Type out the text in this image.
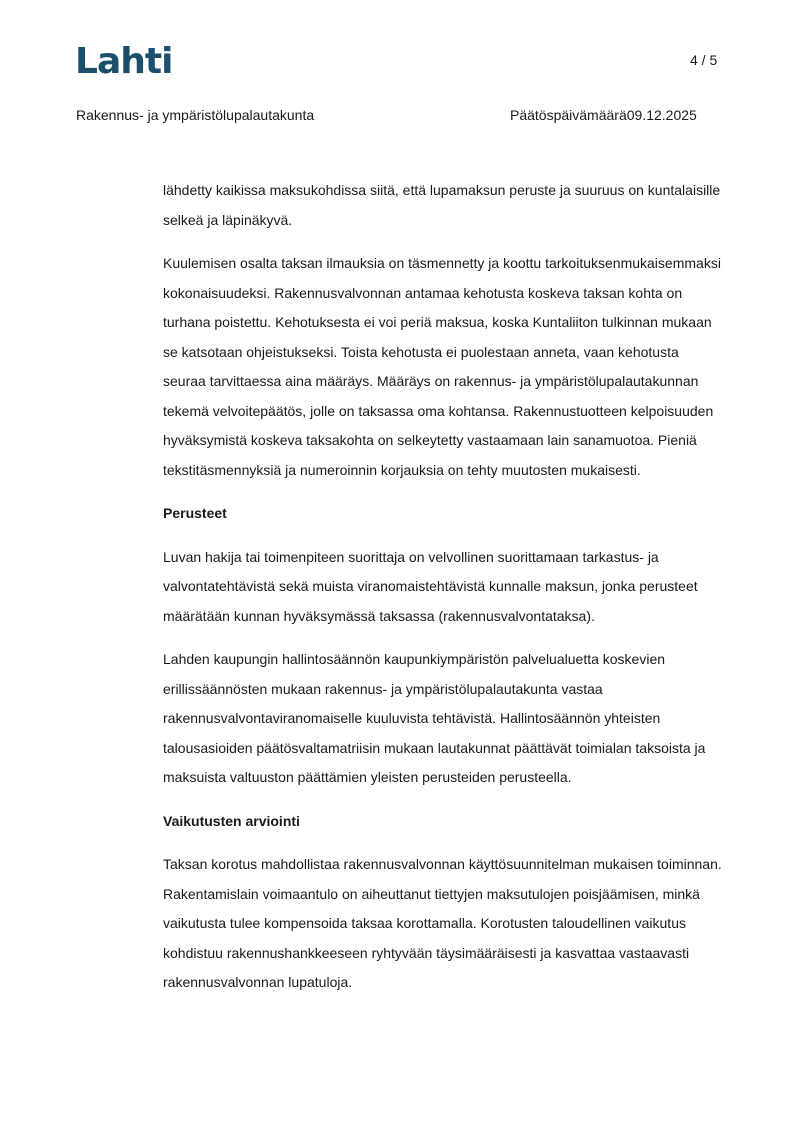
Lahti	4 / 5
Rakennus- ja ympäristölupalautakunta	Päätöspäivämäärä09.12.2025

lähdetty kaikissa maksukohdissa siitä, että lupamaksun peruste ja suuruus on kuntalaisille selkeä ja läpinäkyvä.

Kuulemisen osalta taksan ilmauksia on täsmennetty ja koottu tarkoituksenmukaisemmaksi kokonaisuudeksi. Rakennusvalvonnan antamaa kehotusta koskeva taksan kohta on turhana poistettu. Kehotuksesta ei voi periä maksua, koska Kuntaliiton tulkinnan mukaan se katsotaan ohjeistukseksi. Toista kehotusta ei puolestaan anneta, vaan kehotusta seuraa tarvittaessa aina määräys. Määräys on rakennus- ja ympäristölupalautakunnan tekemä velvoitepäätös, jolle on taksassa oma kohtansa. Rakennustuotteen kelpoisuuden hyväksymistä koskeva taksakohta on selkeytetty vastaamaan lain sanamuotoa. Pieniä tekstitäsmennyksiä ja numeroinnin korjauksia on tehty muutosten mukaisesti.

Perusteet

Luvan hakija tai toimenpiteen suorittaja on velvollinen suorittamaan tarkastus- ja valvontatehtävistä sekä muista viranomaistehtävistä kunnalle maksun, jonka perusteet määrätään kunnan hyväksymässä taksassa (rakennusvalvontataksa).

Lahden kaupungin hallintosäännön kaupunkiympäristön palvelualuetta koskevien erillissäännösten mukaan rakennus- ja ympäristölupalautakunta vastaa rakennusvalvontaviranomaiselle kuuluvista tehtävistä. Hallintosäännön yhteisten talousasioiden päätösvaltamatriisin mukaan lautakunnat päättävät toimialan taksoista ja maksuista valtuuston päättämien yleisten perusteiden perusteella.

Vaikutusten arviointi

Taksan korotus mahdollistaa rakennusvalvonnan käyttösuunnitelman mukaisen toiminnan. Rakentamislain voimaantulo on aiheuttanut tiettyjen maksutulojen poisjäämisen, minkä vaikutusta tulee kompensoida taksaa korottamalla. Korotusten taloudellinen vaikutus kohdistuu rakennushankkeeseen ryhtyvään täysimääräisesti ja kasvattaa vastaavasti rakennusvalvonnan lupatuloja.
